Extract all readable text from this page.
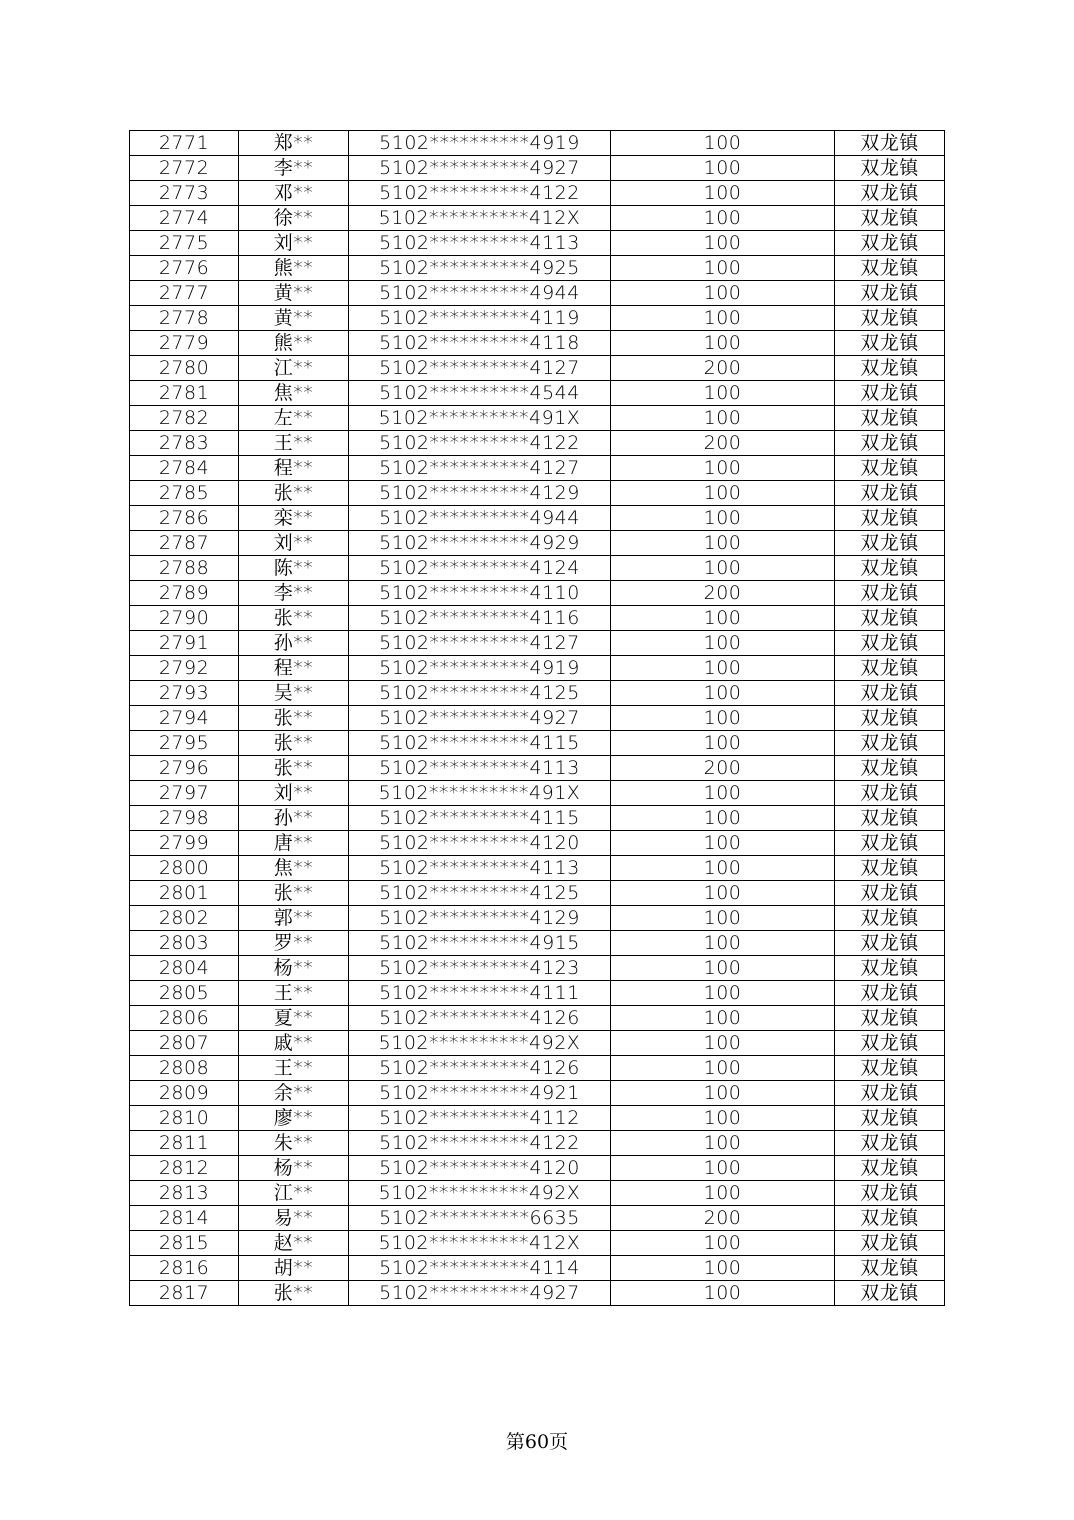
2771	郑**	5102**********4919	100	双龙镇
2772	李**	5102**********4927	100	双龙镇
2773	邓**	5102**********4122	100	双龙镇
2774	徐**	5102**********412X	100	双龙镇
2775	刘**	5102**********4113	100	双龙镇
2776	熊**	5102**********4925	100	双龙镇
2777	黄**	5102**********4944	100	双龙镇
2778	黄**	5102**********4119	100	双龙镇
2779	熊**	5102**********4118	100	双龙镇
2780	江**	5102**********4127	200	双龙镇
2781	焦**	5102**********4544	100	双龙镇
2782	左**	5102**********491X	100	双龙镇
2783	王**	5102**********4122	200	双龙镇
2784	程**	5102**********4127	100	双龙镇
2785	张**	5102**********4129	100	双龙镇
2786	栾**	5102**********4944	100	双龙镇
2787	刘**	5102**********4929	100	双龙镇
2788	陈**	5102**********4124	100	双龙镇
2789	李**	5102**********4110	200	双龙镇
2790	张**	5102**********4116	100	双龙镇
2791	孙**	5102**********4127	100	双龙镇
2792	程**	5102**********4919	100	双龙镇
2793	吴**	5102**********4125	100	双龙镇
2794	张**	5102**********4927	100	双龙镇
2795	张**	5102**********4115	100	双龙镇
2796	张**	5102**********4113	200	双龙镇
2797	刘**	5102**********491X	100	双龙镇
2798	孙**	5102**********4115	100	双龙镇
2799	唐**	5102**********4120	100	双龙镇
2800	焦**	5102**********4113	100	双龙镇
2801	张**	5102**********4125	100	双龙镇
2802	郭**	5102**********4129	100	双龙镇
2803	罗**	5102**********4915	100	双龙镇
2804	杨**	5102**********4123	100	双龙镇
2805	王**	5102**********4111	100	双龙镇
2806	夏**	5102**********4126	100	双龙镇
2807	戚**	5102**********492X	100	双龙镇
2808	王**	5102**********4126	100	双龙镇
2809	余**	5102**********4921	100	双龙镇
2810	廖**	5102**********4112	100	双龙镇
2811	朱**	5102**********4122	100	双龙镇
2812	杨**	5102**********4120	100	双龙镇
2813	江**	5102**********492X	100	双龙镇
2814	易**	5102**********6635	200	双龙镇
2815	赵**	5102**********412X	100	双龙镇
2816	胡**	5102**********4114	100	双龙镇
2817	张**	5102**********4927	100	双龙镇
第60页
